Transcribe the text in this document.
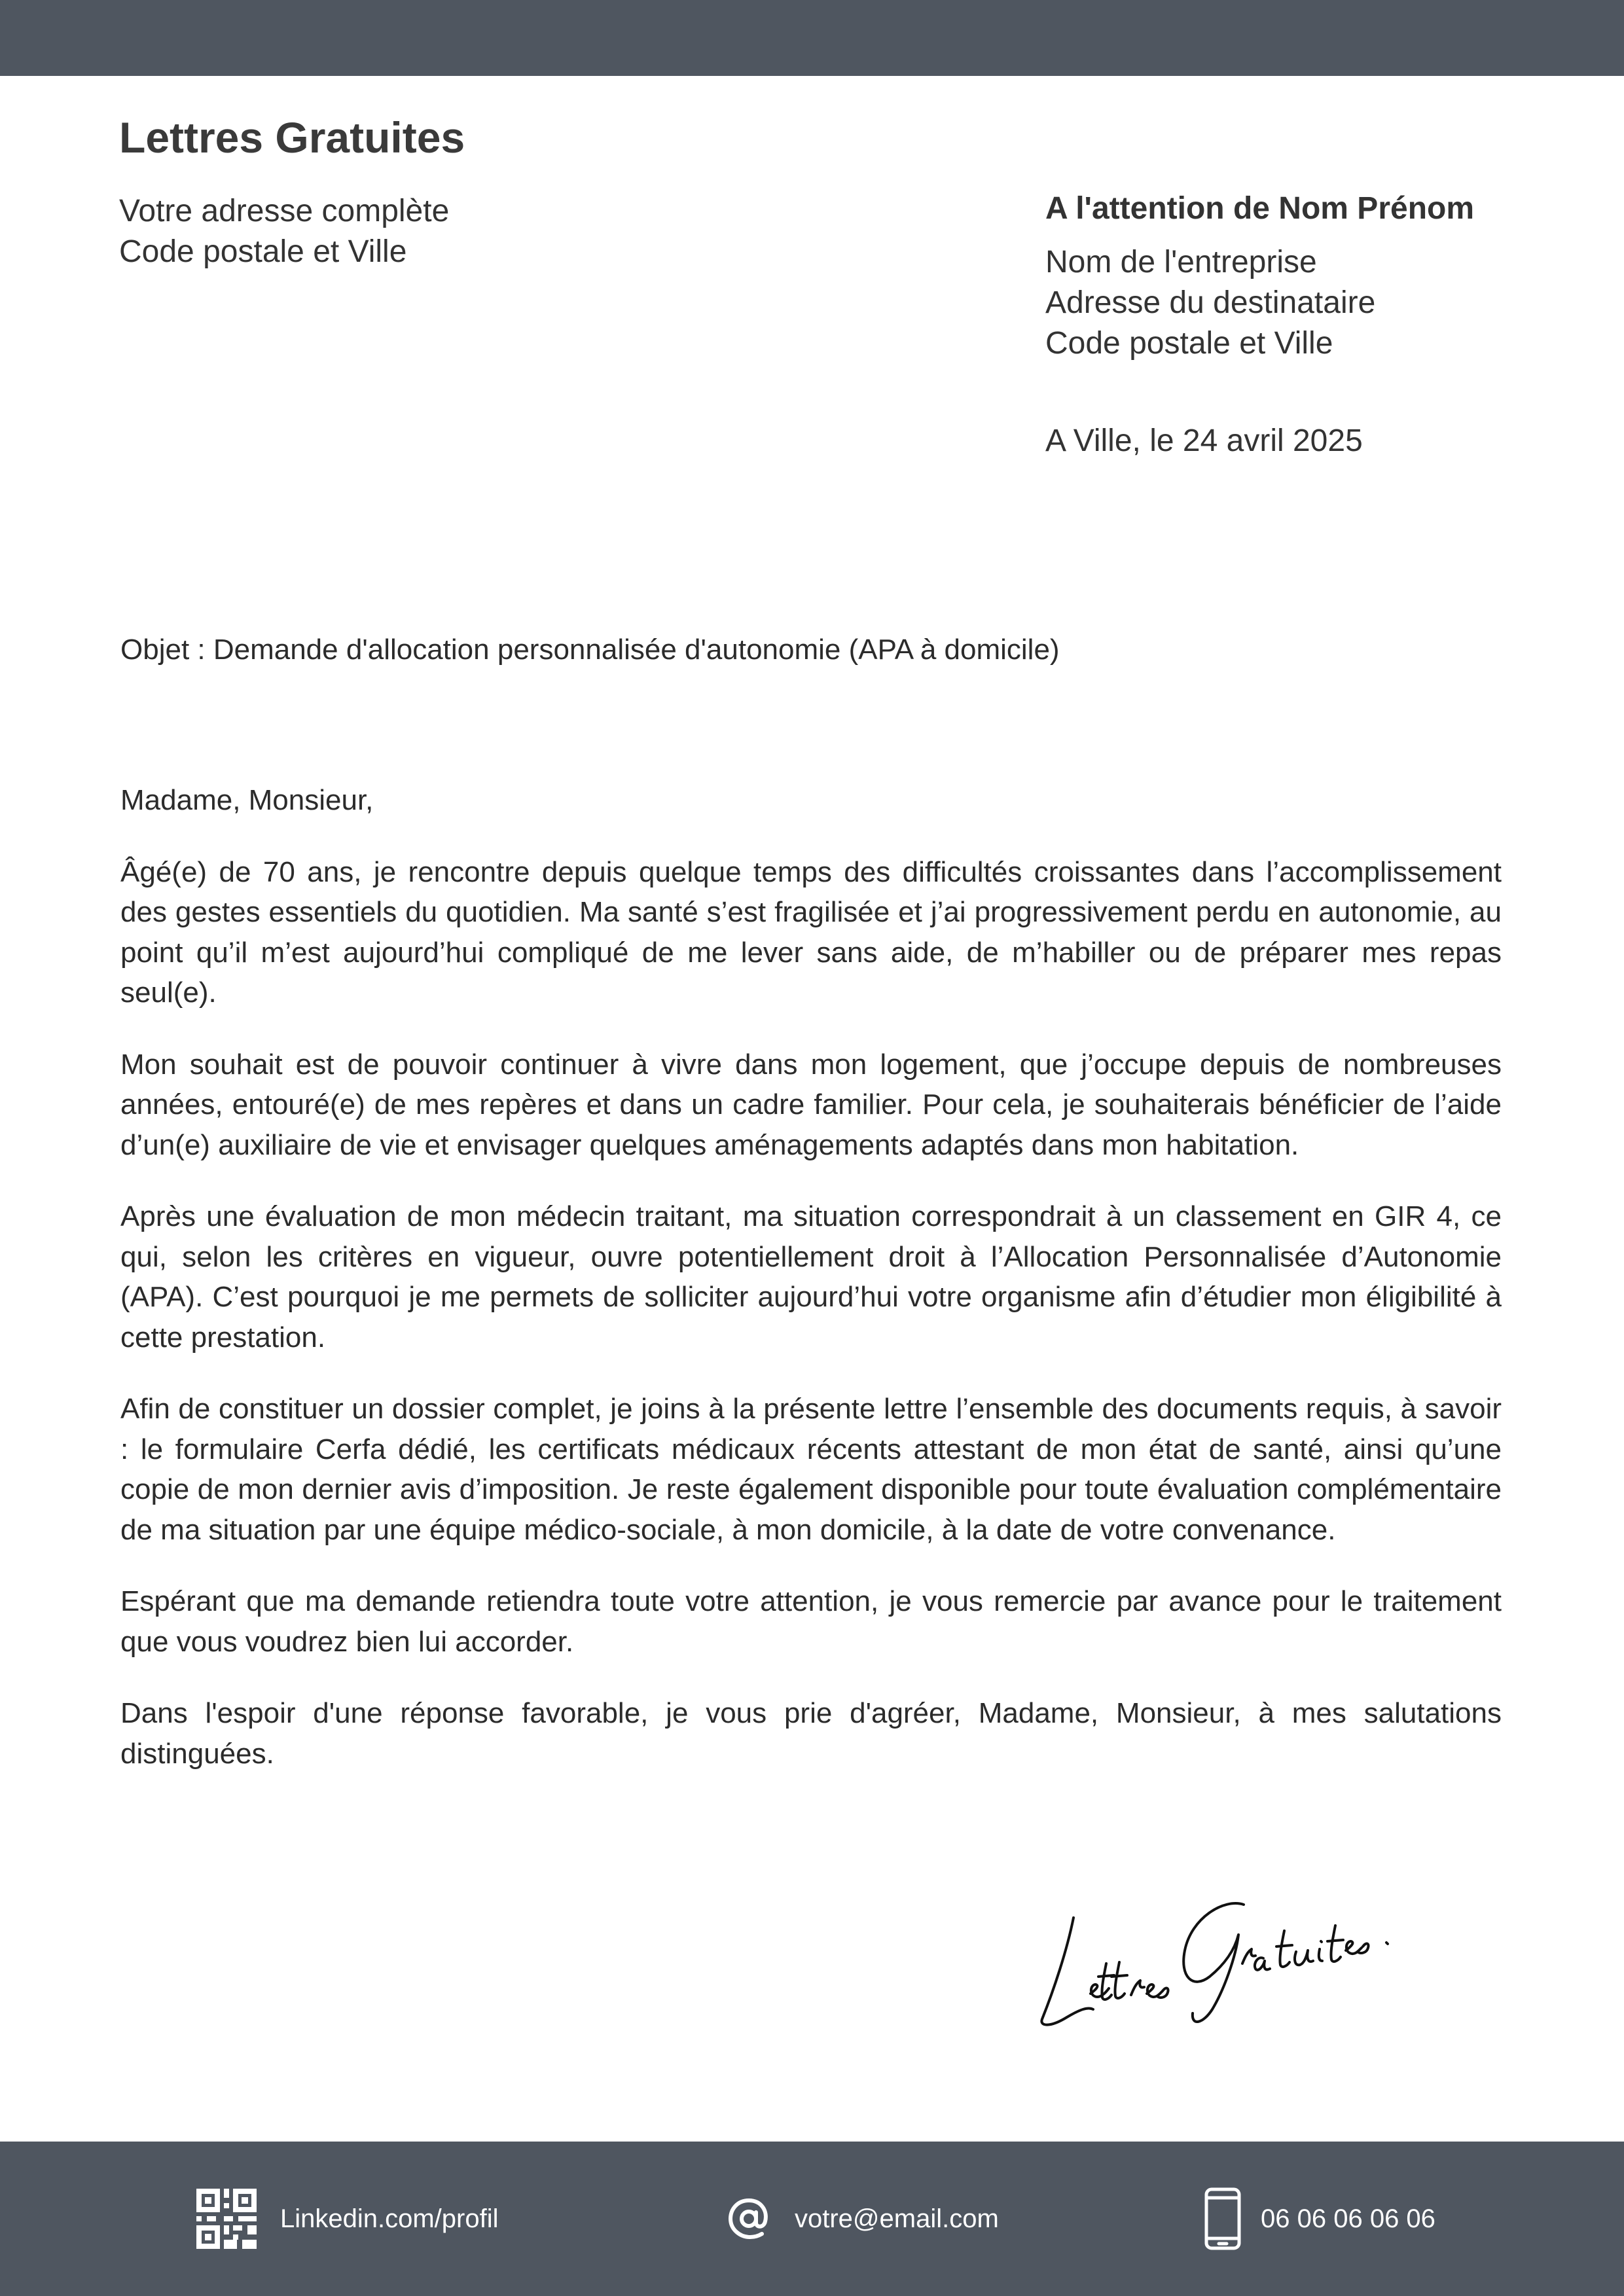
Lettres Gratuites
Votre adresse complète
Code postale et Ville
A l'attention de Nom Prénom
Nom de l'entreprise
Adresse du destinataire
Code postale et Ville
A Ville, le 24 avril 2025
Objet : Demande d'allocation personnalisée d'autonomie (APA à domicile)

Madame, Monsieur,

Âgé(e) de 70 ans, je rencontre depuis quelque temps des difficultés croissantes dans l’accomplissement des gestes essentiels du quotidien. Ma santé s’est fragilisée et j’ai progressivement perdu en autonomie, au point qu’il m’est aujourd’hui compliqué de me lever sans aide, de m’habiller ou de préparer mes repas seul(e).

Mon souhait est de pouvoir continuer à vivre dans mon logement, que j’occupe depuis de nombreuses années, entouré(e) de mes repères et dans un cadre familier. Pour cela, je souhaiterais bénéficier de l’aide d’un(e) auxiliaire de vie et envisager quelques aménagements adaptés dans mon habitation.

Après une évaluation de mon médecin traitant, ma situation correspondrait à un classement en GIR 4, ce qui, selon les critères en vigueur, ouvre potentiellement droit à l’Allocation Personnalisée d’Autonomie (APA). C’est pourquoi je me permets de solliciter aujourd’hui votre organisme afin d’étudier mon éligibilité à cette prestation.

Afin de constituer un dossier complet, je joins à la présente lettre l’ensemble des documents requis, à savoir : le formulaire Cerfa dédié, les certificats médicaux récents attestant de mon état de santé, ainsi qu’une copie de mon dernier avis d’imposition. Je reste également disponible pour toute évaluation complémentaire de ma situation par une équipe médico-sociale, à mon domicile, à la date de votre convenance.

Espérant que ma demande retiendra toute votre attention, je vous remercie par avance pour le traitement que vous voudrez bien lui accorder.

Dans l'espoir d'une réponse favorable, je vous prie d'agréer, Madame, Monsieur, à mes salutations distinguées.

Linkedin.com/profil	votre@email.com	06 06 06 06 06
